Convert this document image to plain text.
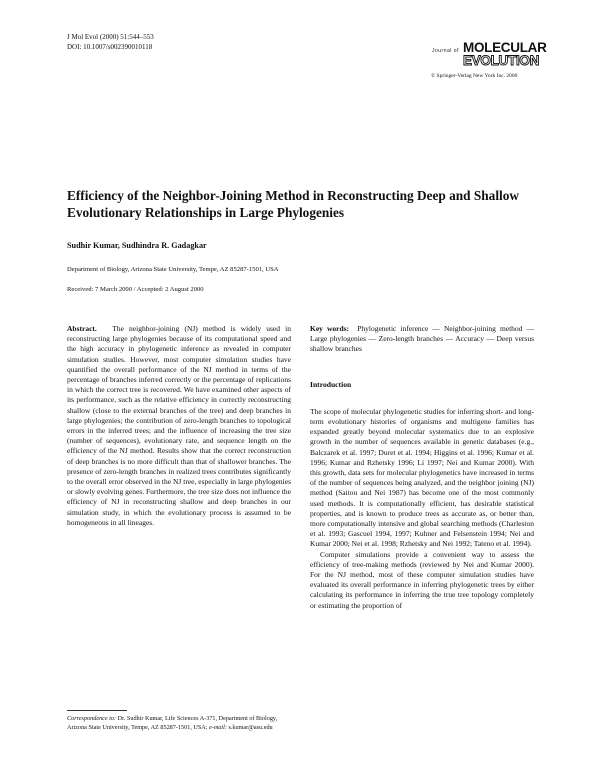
J Mol Evol (2000) 51:544–553
DOI: 10.1007/s002390010118
Journal of MOLECULAR
EVOLUTION
© Springer-Verlag New York Inc. 2000
Efficiency of the Neighbor-Joining Method in Reconstructing Deep and Shallow Evolutionary Relationships in Large Phylogenies
Sudhir Kumar, Sudhindra R. Gadagkar
Department of Biology, Arizona State University, Tempe, AZ 85287-1501, USA
Received: 7 March 2000 / Accepted: 2 August 2000

Abstract. The neighbor-joining (NJ) method is widely used in reconstructing large phylogenies because of its computational speed and the high accuracy in phylogenetic inference as revealed in computer simulation studies. However, most computer simulation studies have quantified the overall performance of the NJ method in terms of the percentage of branches inferred correctly or the percentage of replications in which the correct tree is recovered. We have examined other aspects of its performance, such as the relative efficiency in correctly reconstructing shallow (close to the external branches of the tree) and deep branches in large phylogenies; the contribution of zero-length branches to topological errors in the inferred trees; and the influence of increasing the tree size (number of sequences), evolutionary rate, and sequence length on the efficiency of the NJ method. Results show that the correct reconstruction of deep branches is no more difficult than that of shallower branches. The presence of zero-length branches in realized trees contributes significantly to the overall error observed in the NJ tree, especially in large phylogenies or slowly evolving genes. Furthermore, the tree size does not influence the efficiency of NJ in reconstructing shallow and deep branches in our simulation study, in which the evolutionary process is assumed to be homogeneous in all lineages.

Key words: Phylogenetic inference — Neighbor-joining method — Large phylogenies — Zero-length branches — Accuracy — Deep versus shallow branches

Introduction

The scope of molecular phylogenetic studies for inferring short- and long-term evolutionary histories of organisms and multigene families has expanded greatly beyond molecular systematics due to an explosive growth in the number of sequences available in genetic databases (e.g., Balczarek et al. 1997; Duret et al. 1994; Higgins et al. 1996; Kumar et al. 1996; Kumar and Rzhetsky 1996; Li 1997; Nei and Kumar 2000). With this growth, data sets for molecular phylogenetics have increased in terms of the number of sequences being analyzed, and the neighbor joining (NJ) method (Saitou and Nei 1987) has become one of the most commonly used methods. It is computationally efficient, has desirable statistical properties, and is known to produce trees as accurate as, or better than, more computationally intensive and global searching methods (Charleston et al. 1993; Gascuel 1994, 1997; Kuhner and Felsenstein 1994; Nei and Kumar 2000; Nei et al. 1998; Rzhetsky and Nei 1992; Tateno et al. 1994).

Computer simulations provide a convenient way to assess the efficiency of tree-making methods (reviewed by Nei and Kumar 2000). For the NJ method, most of these computer simulation studies have evaluated its overall performance in inferring phylogenetic trees by either calculating its performance in inferring the true tree topology completely or estimating the proportion of

Correspondence to: Dr. Sudhir Kumar, Life Sciences A-371, Department of Biology, Arizona State University, Tempe, AZ 85287-1501, USA; e-mail: s.kumar@asu.edu
